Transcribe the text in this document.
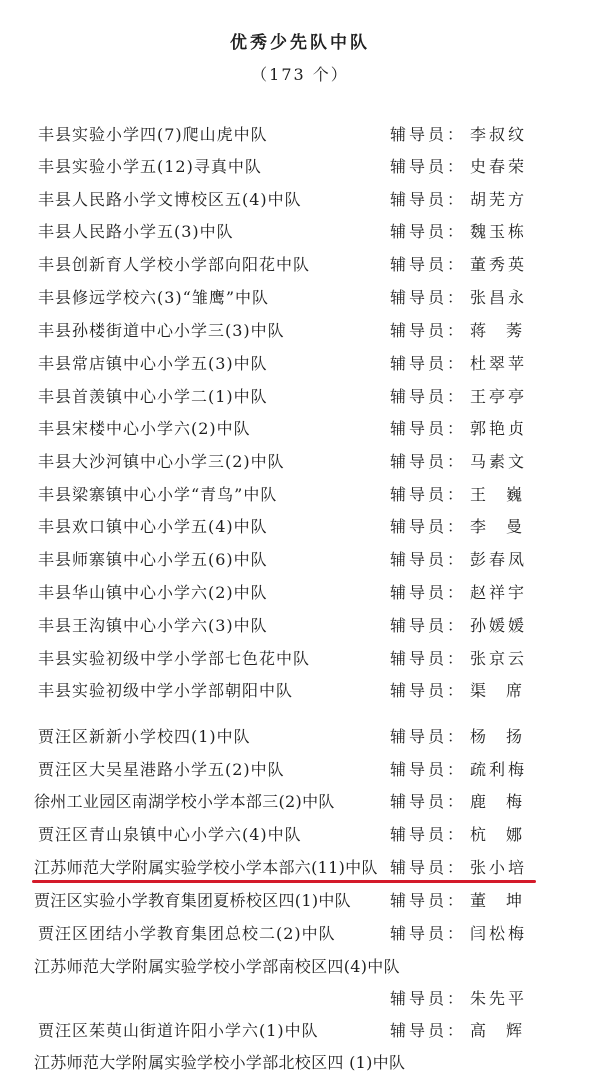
优秀少先队中队
（173 个）
丰县实验小学四(7)爬山虎中队	辅导员： 李叔纹
丰县实验小学五(12)寻真中队	辅导员： 史春荣
丰县人民路小学文博校区五(4)中队	辅导员： 胡芜方
丰县人民路小学五(3)中队	辅导员： 魏玉栋
丰县创新育人学校小学部向阳花中队	辅导员： 董秀英
丰县修远学校六(3)“雏鹰”中队	辅导员： 张昌永
丰县孙楼街道中心小学三(3)中队	辅导员： 蒋莠
丰县常店镇中心小学五(3)中队	辅导员： 杜翠苹
丰县首羡镇中心小学二(1)中队	辅导员： 王亭亭
丰县宋楼中心小学六(2)中队	辅导员： 郭艳贞
丰县大沙河镇中心小学三(2)中队	辅导员： 马素文
丰县梁寨镇中心小学“青鸟”中队	辅导员： 王巍
丰县欢口镇中心小学五(4)中队	辅导员： 李曼
丰县师寨镇中心小学五(6)中队	辅导员： 彭春凤
丰县华山镇中心小学六(2)中队	辅导员： 赵祥宇
丰县王沟镇中心小学六(3)中队	辅导员： 孙媛媛
丰县实验初级中学小学部七色花中队	辅导员： 张京云
丰县实验初级中学小学部朝阳中队	辅导员： 渠席
贾汪区新新小学校四(1)中队	辅导员： 杨扬
贾汪区大吴星港路小学五(2)中队	辅导员： 疏利梅
徐州工业园区南湖学校小学本部三(2)中队	辅导员： 鹿梅
贾汪区青山泉镇中心小学六(4)中队	辅导员： 杭娜
江苏师范大学附属实验学校小学本部六(11)中队 辅导员： 张小培
贾汪区实验小学教育集团夏桥校区四(1)中队 辅导员： 董坤
贾汪区团结小学教育集团总校二(2)中队	辅导员： 闫松梅
江苏师范大学附属实验学校小学部南校区四(4)中队
辅导员： 朱先平
贾汪区茱萸山街道许阳小学六(1)中队	辅导员： 高辉
江苏师范大学附属实验学校小学部北校区四 (1)中队
